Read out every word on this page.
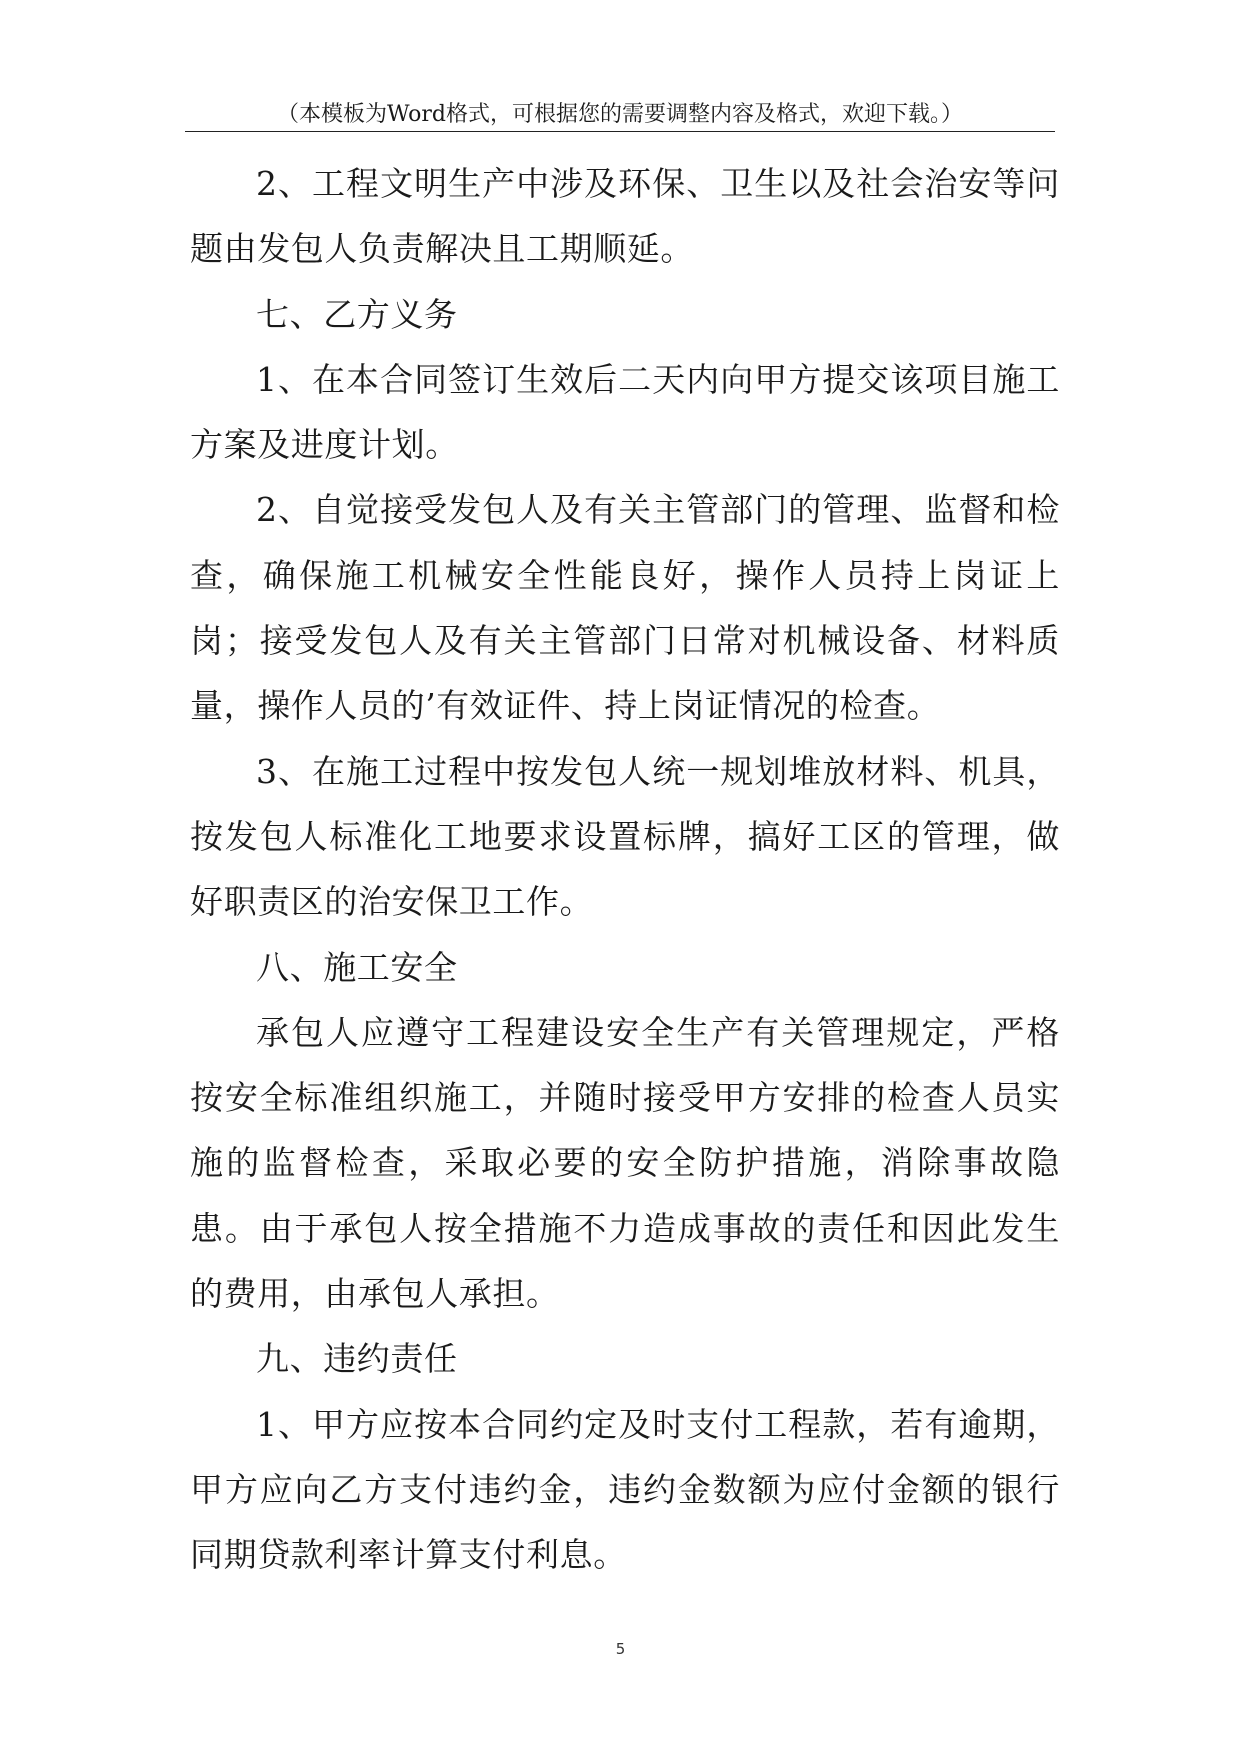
（本模板为Word格式，可根据您的需要调整内容及格式，欢迎下载。）

2、工程文明生产中涉及环保、卫生以及社会治安等问题由发包人负责解决且工期顺延。

七、乙方义务

1、在本合同签订生效后二天内向甲方提交该项目施工方案及进度计划。

2、自觉接受发包人及有关主管部门的管理、监督和检查，确保施工机械安全性能良好，操作人员持上岗证上岗；接受发包人及有关主管部门日常对机械设备、材料质量，操作人员的’有效证件、持上岗证情况的检查。

3、在施工过程中按发包人统一规划堆放材料、机具，按发包人标准化工地要求设置标牌，搞好工区的管理，做好职责区的治安保卫工作。

八、施工安全

承包人应遵守工程建设安全生产有关管理规定，严格按安全标准组织施工，并随时接受甲方安排的检查人员实施的监督检查，采取必要的安全防护措施，消除事故隐患。由于承包人按全措施不力造成事故的责任和因此发生的费用，由承包人承担。

九、违约责任

1、甲方应按本合同约定及时支付工程款，若有逾期，甲方应向乙方支付违约金，违约金数额为应付金额的银行同期贷款利率计算支付利息。

5
